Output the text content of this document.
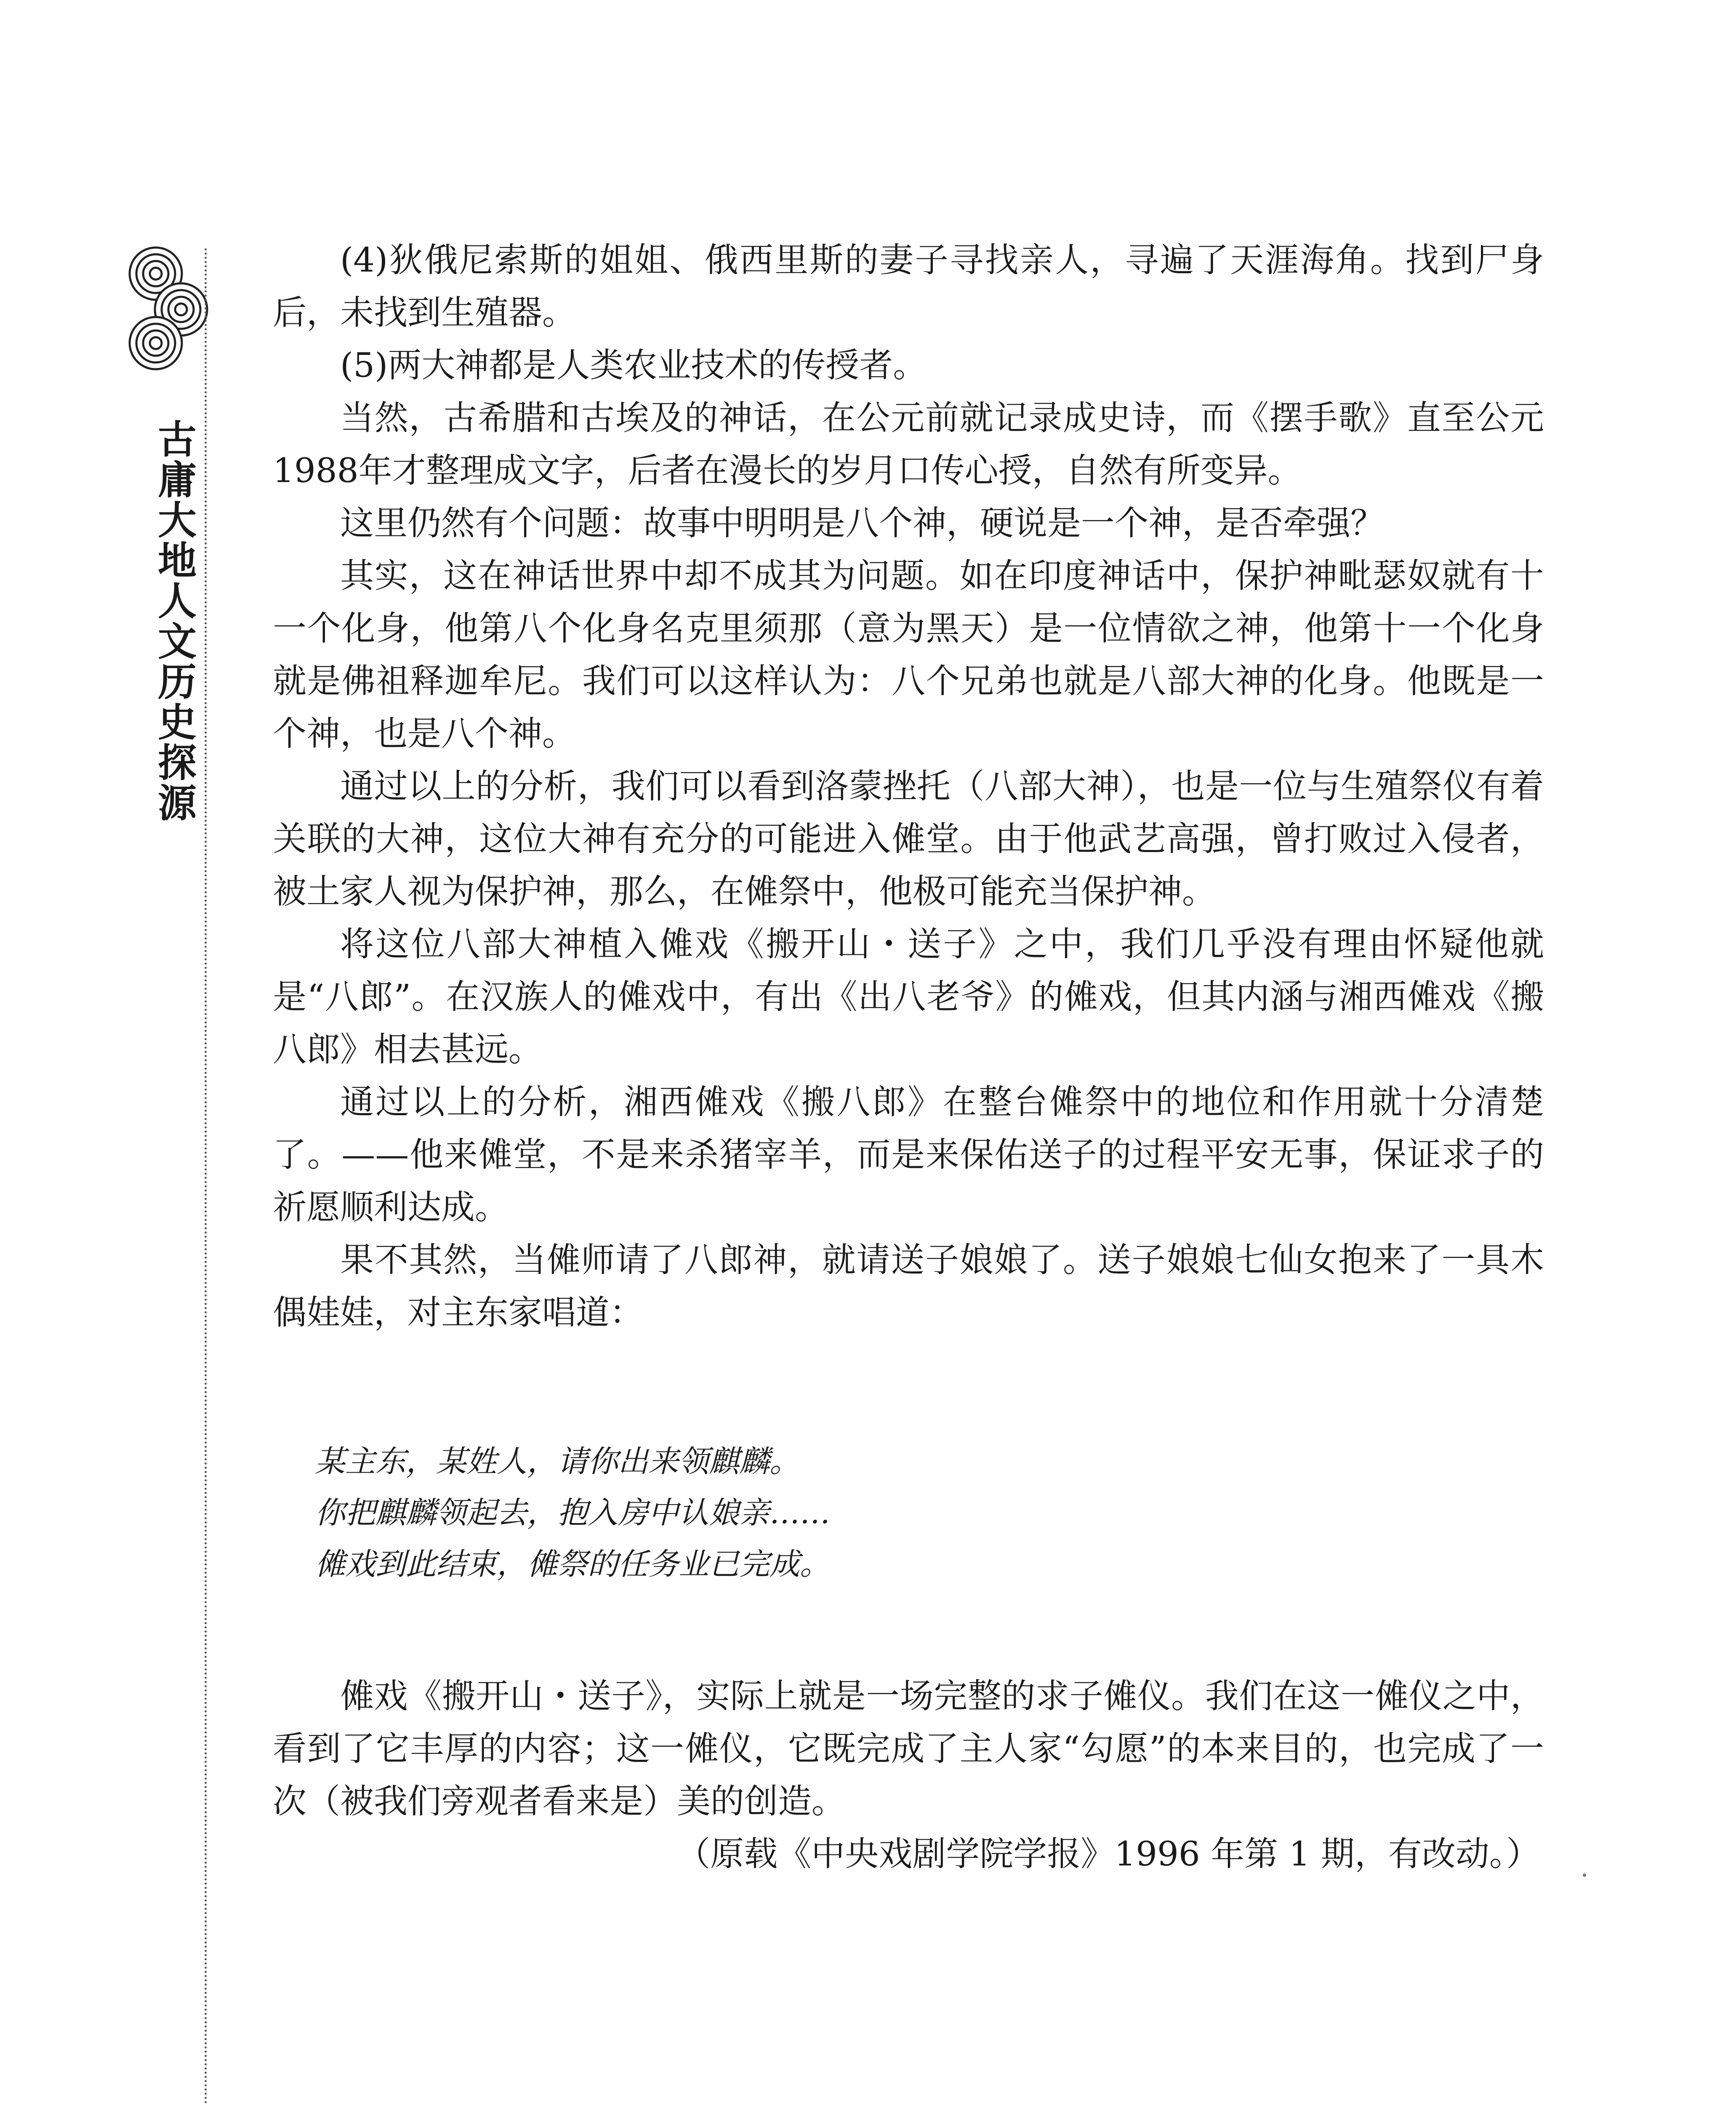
古庸大地人文历史探源

(4)狄俄尼索斯的姐姐、俄西里斯的妻子寻找亲人，寻遍了天涯海角。找到尸身后，未找到生殖器。

(5)两大神都是人类农业技术的传授者。

当然，古希腊和古埃及的神话，在公元前就记录成史诗，而《摆手歌》直至公元1988年才整理成文字，后者在漫长的岁月口传心授，自然有所变异。

这里仍然有个问题：故事中明明是八个神，硬说是一个神，是否牵强？

其实，这在神话世界中却不成其为问题。如在印度神话中，保护神毗瑟奴就有十一个化身，他第八个化身名克里须那（意为黑天）是一位情欲之神，他第十一个化身就是佛祖释迦牟尼。我们可以这样认为：八个兄弟也就是八部大神的化身。他既是一个神，也是八个神。

通过以上的分析，我们可以看到洛蒙挫托（八部大神），也是一位与生殖祭仪有着关联的大神，这位大神有充分的可能进入傩堂。由于他武艺高强，曾打败过入侵者，被土家人视为保护神，那么，在傩祭中，他极可能充当保护神。

将这位八部大神植入傩戏《搬开山・送子》之中，我们几乎没有理由怀疑他就是“八郎”。在汉族人的傩戏中，有出《出八老爷》的傩戏，但其内涵与湘西傩戏《搬八郎》相去甚远。

通过以上的分析，湘西傩戏《搬八郎》在整台傩祭中的地位和作用就十分清楚了。——他来傩堂，不是来杀猪宰羊，而是来保佑送子的过程平安无事，保证求子的祈愿顺利达成。

果不其然，当傩师请了八郎神，就请送子娘娘了。送子娘娘七仙女抱来了一具木偶娃娃，对主东家唱道：

某主东，某姓人，请你出来领麒麟。
你把麒麟领起去，抱入房中认娘亲……
傩戏到此结束，傩祭的任务业已完成。

傩戏《搬开山・送子》，实际上就是一场完整的求子傩仪。我们在这一傩仪之中，看到了它丰厚的内容；这一傩仪，它既完成了主人家“勾愿”的本来目的，也完成了一次（被我们旁观者看来是）美的创造。

（原载《中央戏剧学院学报》1996 年第 1 期，有改动。）
